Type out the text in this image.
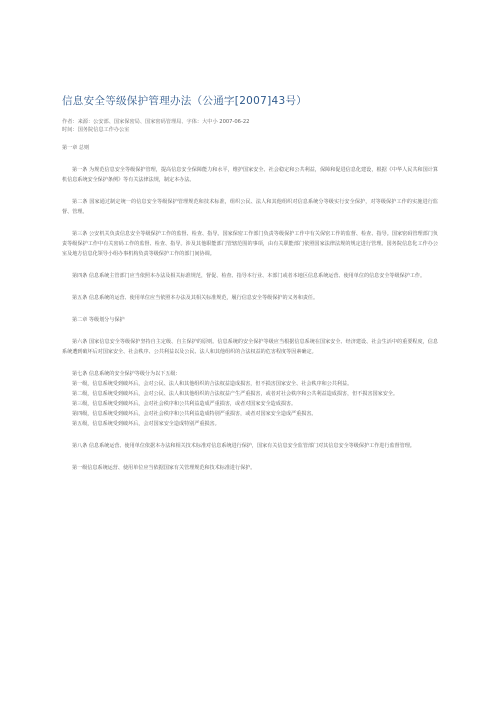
信息安全等级保护管理办法（公通字[2007]43号）
作者：来源：公安部、国家保密局、国家密码管理局、字体：大中小 2007-06-22
时间：国务院信息工作办公室

第一章 总则

第一条 为规范信息安全等级保护管理，提高信息安全保障能力和水平，维护国家安全、社会稳定和公共利益，保障和促进信息化建设，根据《中华人民共和国计算机信息系统安全保护条例》等有关法律法规，制定本办法。

第二条 国家通过制定统一的信息安全等级保护管理规范和技术标准，组织公民、法人和其他组织对信息系统分等级实行安全保护，对等级保护工作的实施进行监督、管理。

第三条 公安机关负责信息安全等级保护工作的监督、检查、指导。国家保密工作部门负责等级保护工作中有关保密工作的监督、检查、指导。国家密码管理部门负责等级保护工作中有关密码工作的监督、检查、指导。涉及其他职能部门管辖范围的事项，由有关职能部门依照国家法律法规的规定进行管理。国务院信息化工作办公室及地方信息化领导小组办事机构负责等级保护工作的部门间协调。

第四条 信息系统主管部门应当依照本办法及相关标准规范，督促、检查、指导本行业、本部门或者本地区信息系统运营、使用单位的信息安全等级保护工作。

第五条 信息系统的运营、使用单位应当依照本办法及其相关标准规范，履行信息安全等级保护的义务和责任。

第二章 等级划分与保护

第六条 国家信息安全等级保护坚持自主定级、自主保护的原则。信息系统的安全保护等级应当根据信息系统在国家安全、经济建设、社会生活中的重要程度，信息系统遭到破坏后对国家安全、社会秩序、公共利益以及公民、法人和其他组织的合法权益的危害程度等因素确定。

第七条 信息系统的安全保护等级分为以下五级：

第一级，信息系统受到破坏后，会对公民、法人和其他组织的合法权益造成损害，但不损害国家安全、社会秩序和公共利益。

第二级，信息系统受到破坏后，会对公民、法人和其他组织的合法权益产生严重损害，或者对社会秩序和公共利益造成损害，但不损害国家安全。

第三级，信息系统受到破坏后，会对社会秩序和公共利益造成严重损害，或者对国家安全造成损害。

第四级，信息系统受到破坏后，会对社会秩序和公共利益造成特别严重损害，或者对国家安全造成严重损害。

第五级，信息系统受到破坏后，会对国家安全造成特别严重损害。

第八条 信息系统运营、使用单位依据本办法和相关技术标准对信息系统进行保护，国家有关信息安全监管部门对其信息安全等级保护工作进行监督管理。

第一级信息系统运营、使用单位应当依据国家有关管理规范和技术标准进行保护。
